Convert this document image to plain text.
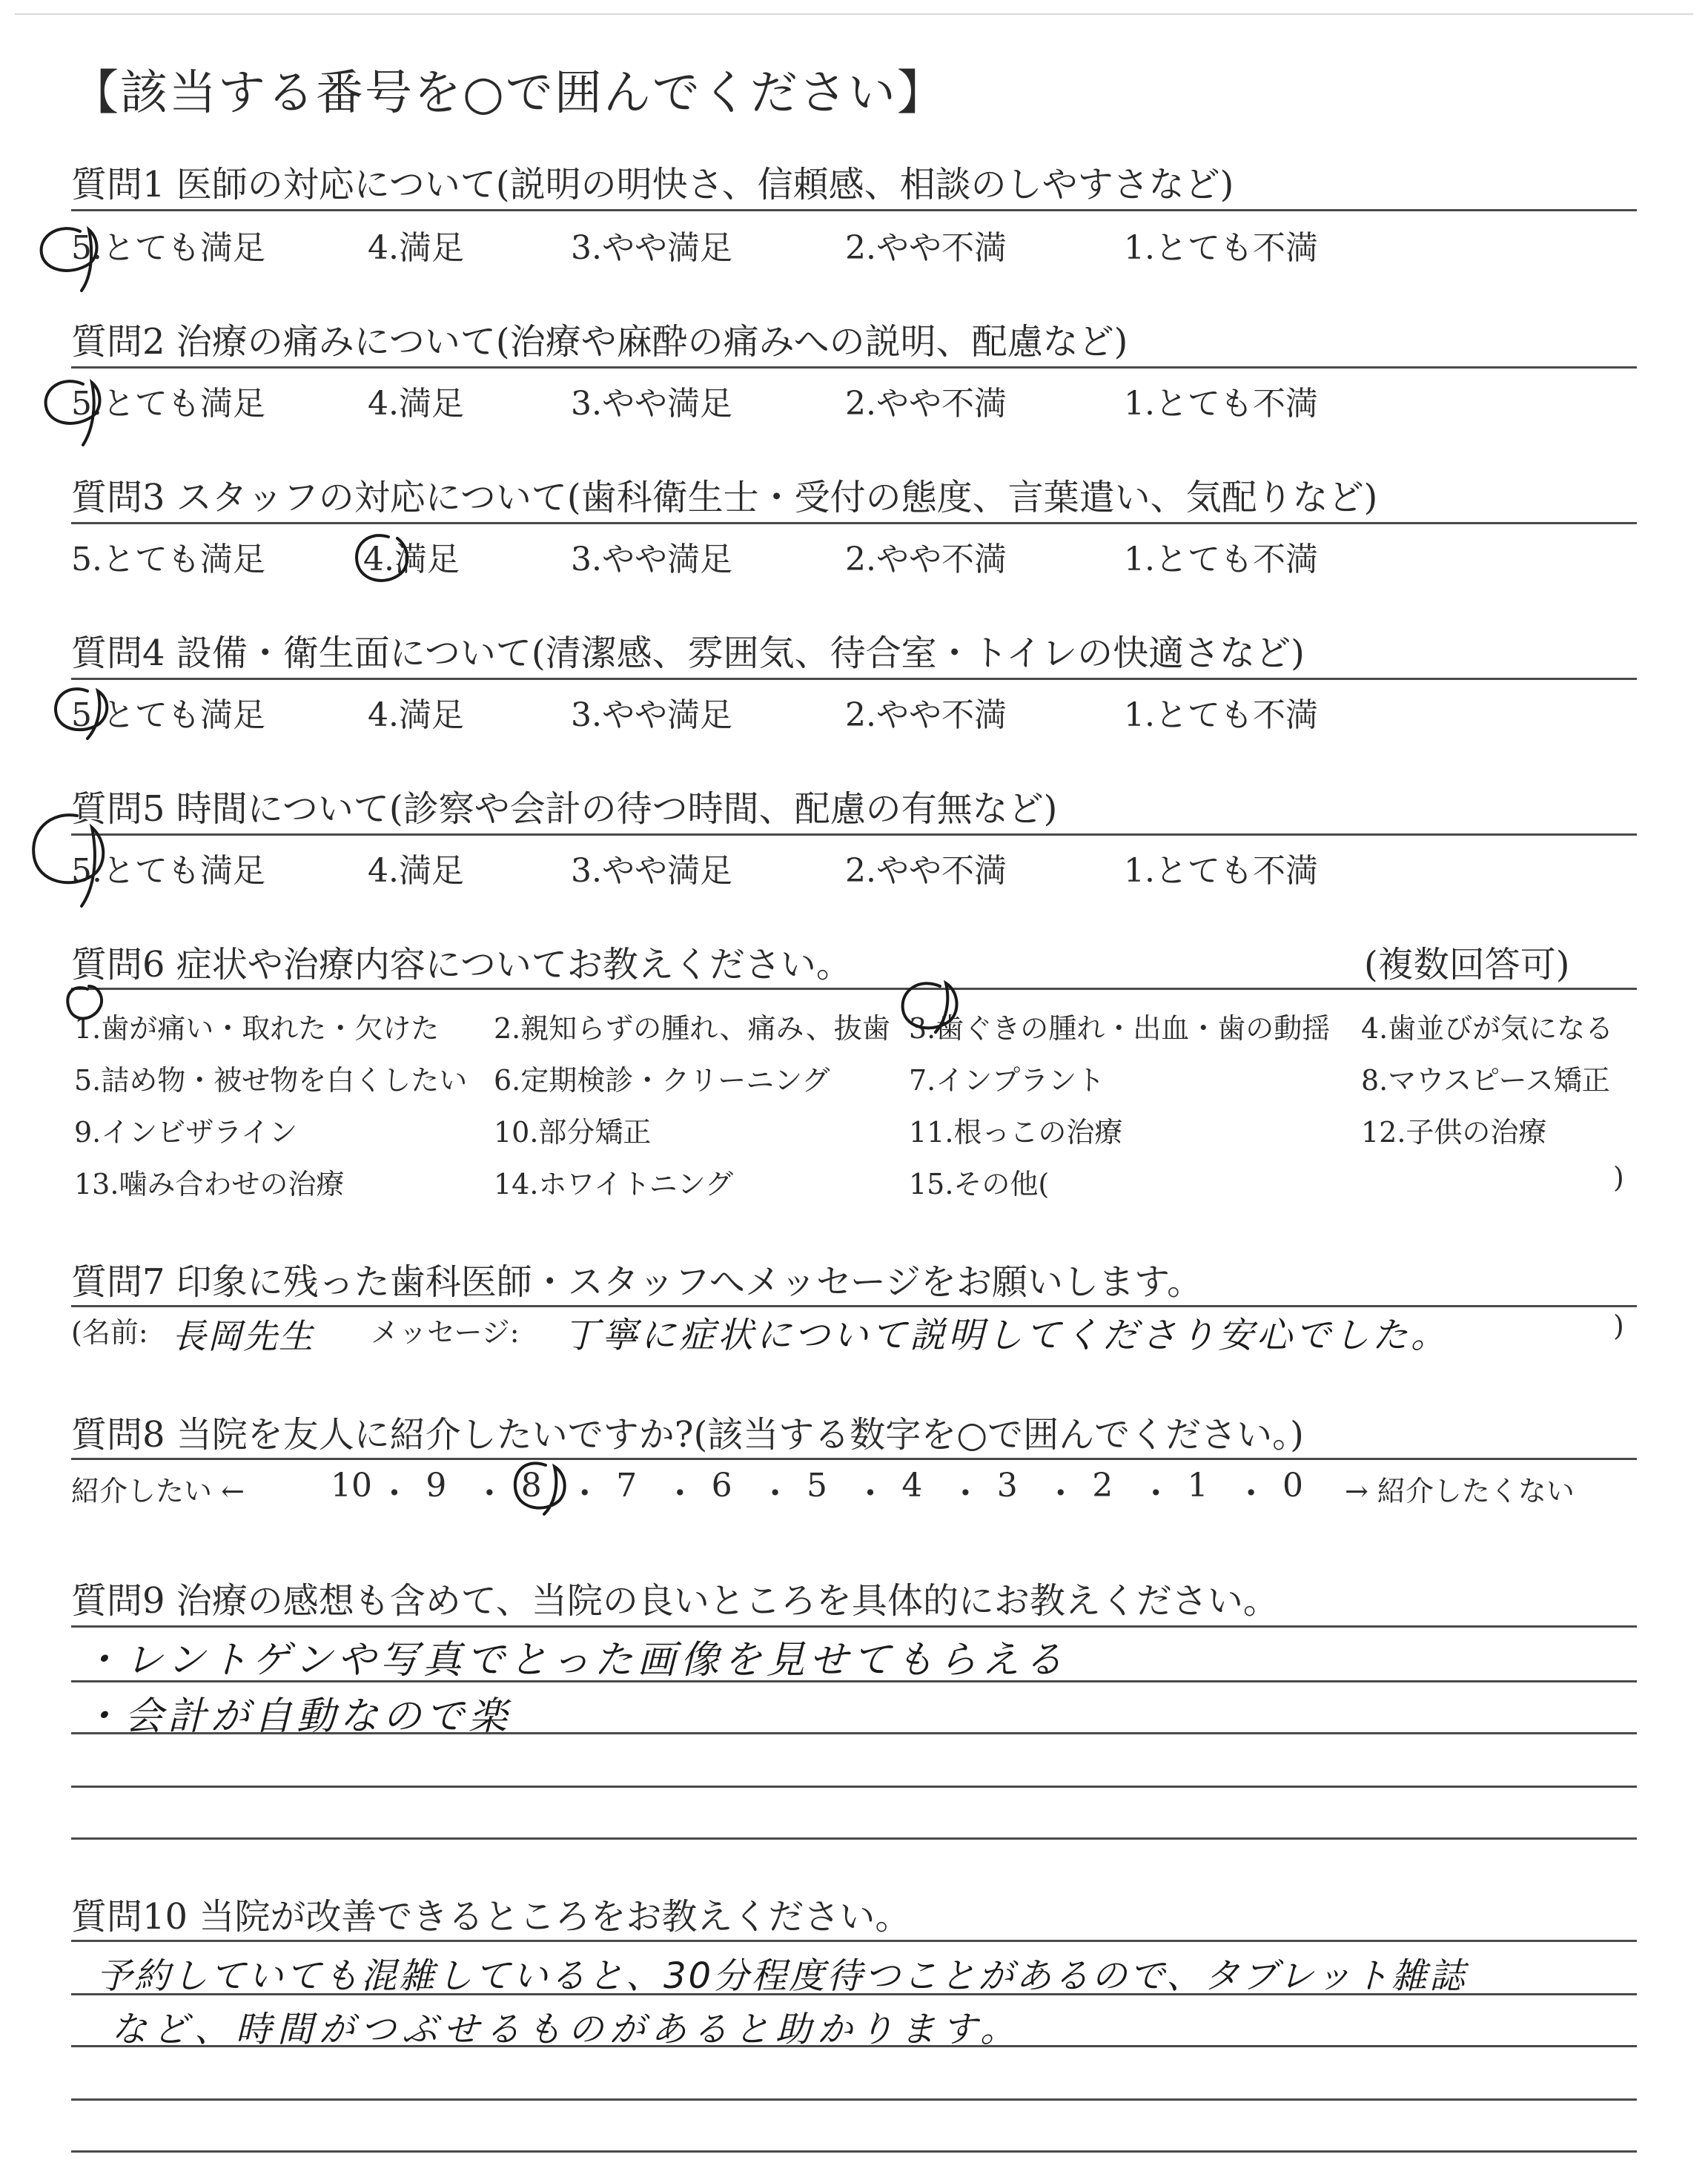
【該当する番号を○で囲んでください】
質問1 医師の対応について(説明の明快さ、信頼感、相談のしやすさなど)
5.とても満足	4.満足	3.やや満足	2.やや不満	1.とても不満
質問2 治療の痛みについて(治療や麻酔の痛みへの説明、配慮など)
5.とても満足	4.満足	3.やや満足	2.やや不満	1.とても不満
質問3 スタッフの対応について(歯科衛生士・受付の態度、言葉遣い、気配りなど)
5.とても満足	4.満足	3.やや満足	2.やや不満	1.とても不満
質問4 設備・衛生面について(清潔感、雰囲気、待合室・トイレの快適さなど)
5.とても満足	4.満足	3.やや満足	2.やや不満	1.とても不満
質問5 時間について(診察や会計の待つ時間、配慮の有無など)
5.とても満足	4.満足	3.やや満足	2.やや不満	1.とても不満
質問6 症状や治療内容についてお教えください。	(複数回答可)
1.歯が痛い・取れた・欠けた 2.親知らずの腫れ、痛み、抜歯 3.歯ぐきの腫れ・出血・歯の動揺 4.歯並びが気になる
5.詰め物・被せ物を白くしたい 6.定期検診・クリーニング	7.インプラント	8.マウスピース矯正
9.インビザライン	10.部分矯正	11.根っこの治療	12.子供の治療
13.噛み合わせの治療	14.ホワイトニング	15.その他(	)
質問7 印象に残った歯科医師・スタッフへメッセージをお願いします。
(名前: 長岡先生 メッセージ: 丁寧に症状について説明してくださり安心でした。	)
質問8 当院を友人に紹介したいですか?(該当する数字を○で囲んでください。)
紹介したい ←	10 ・ 9 ・ 8 ・ 7 ・ 6 ・ 5 ・ 4 ・ 3 ・ 2 ・ 1 ・ 0 → 紹介したくない
質問9 治療の感想も含めて、当院の良いところを具体的にお教えください。
・レントゲンや写真でとった画像を見せてもらえる
・会計が自動なので楽
質問10 当院が改善できるところをお教えください。
予約していても混雑していると、30分程度待つことがあるので、タブレット雑誌
など、時間がつぶせるものがあると助かります。
